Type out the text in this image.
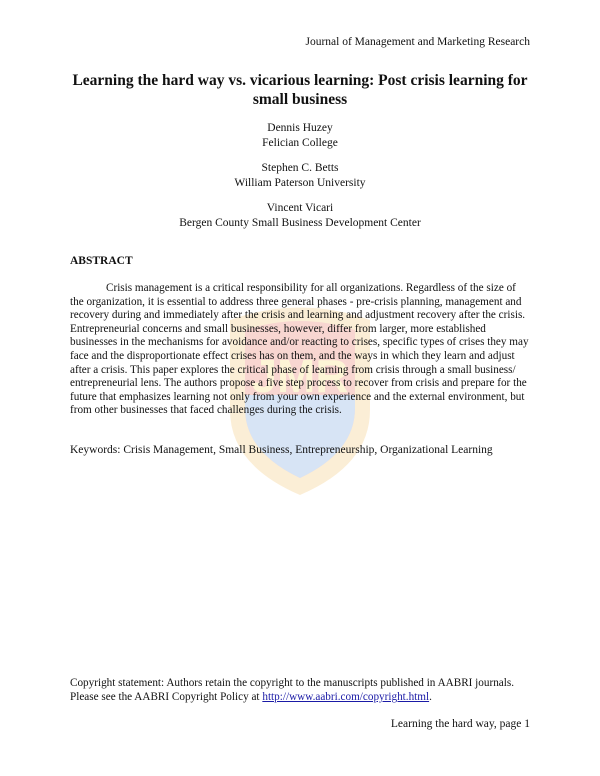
JMR
Journal of Management and Marketing Research
Learning the hard way vs. vicarious learning: Post crisis learning for small business
Dennis Huzey
Felician College
Stephen C. Betts
William Paterson University
Vincent Vicari
Bergen County Small Business Development Center
ABSTRACT

Crisis management is a critical responsibility for all organizations. Regardless of the size of the organization, it is essential to address three general phases - pre-crisis planning, management and recovery during and immediately after the crisis and learning and adjustment recovery after the crisis. Entrepreneurial concerns and small businesses, however, differ from larger, more established businesses in the mechanisms for avoidance and/or reacting to crises, specific types of crises they may face and the disproportionate effect crises has on them, and the ways in which they learn and adjust after a crisis. This paper explores the critical phase of learning from crisis through a small business/ entrepreneurial lens. The authors propose a five step process to recover from crisis and prepare for the future that emphasizes learning not only from your own experience and the external environment, but from other businesses that faced challenges during the crisis.

Keywords: Crisis Management, Small Business, Entrepreneurship, Organizational Learning

Copyright statement: Authors retain the copyright to the manuscripts published in AABRI journals. Please see the AABRI Copyright Policy at http://www.aabri.com/copyright.html.

Learning the hard way, page 1
